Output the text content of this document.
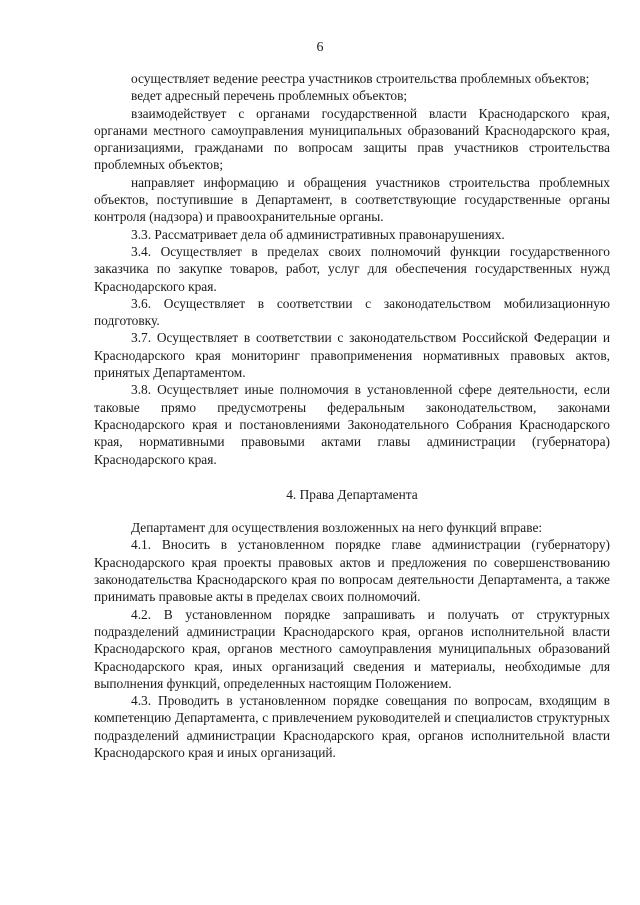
6

осуществляет ведение реестра участников строительства проблемных объектов;

ведет адресный перечень проблемных объектов;

взаимодействует с органами государственной власти Краснодарского края, органами местного самоуправления муниципальных образований Краснодарского края, организациями, гражданами по вопросам защиты прав участников строительства проблемных объектов;

направляет информацию и обращения участников строительства проблемных объектов, поступившие в Департамент, в соответствующие государственные органы контроля (надзора) и правоохранительные органы.

3.3. Рассматривает дела об административных правонарушениях.

3.4. Осуществляет в пределах своих полномочий функции государственного заказчика по закупке товаров, работ, услуг для обеспечения государственных нужд Краснодарского края.

3.6. Осуществляет в соответствии с законодательством мобилизационную подготовку.

3.7. Осуществляет в соответствии с законодательством Российской Федерации и Краснодарского края мониторинг правоприменения нормативных правовых актов, принятых Департаментом.

3.8. Осуществляет иные полномочия в установленной сфере деятельности, если таковые прямо предусмотрены федеральным законодательством, законами Краснодарского края и постановлениями Законодательного Собрания Краснодарского края, нормативными правовыми актами главы администрации (губернатора) Краснодарского края.

4. Права Департамента

Департамент для осуществления возложенных на него функций вправе:

4.1. Вносить в установленном порядке главе администрации (губернатору) Краснодарского края проекты правовых актов и предложения по совершенствованию законодательства Краснодарского края по вопросам деятельности Департамента, а также принимать правовые акты в пределах своих полномочий.

4.2. В установленном порядке запрашивать и получать от структурных подразделений администрации Краснодарского края, органов исполнительной власти Краснодарского края, органов местного самоуправления муниципальных образований Краснодарского края, иных организаций сведения и материалы, необходимые для выполнения функций, определенных настоящим Положением.

4.3. Проводить в установленном порядке совещания по вопросам, входящим в компетенцию Департамента, с привлечением руководителей и специалистов структурных подразделений администрации Краснодарского края, органов исполнительной власти Краснодарского края и иных организаций.
